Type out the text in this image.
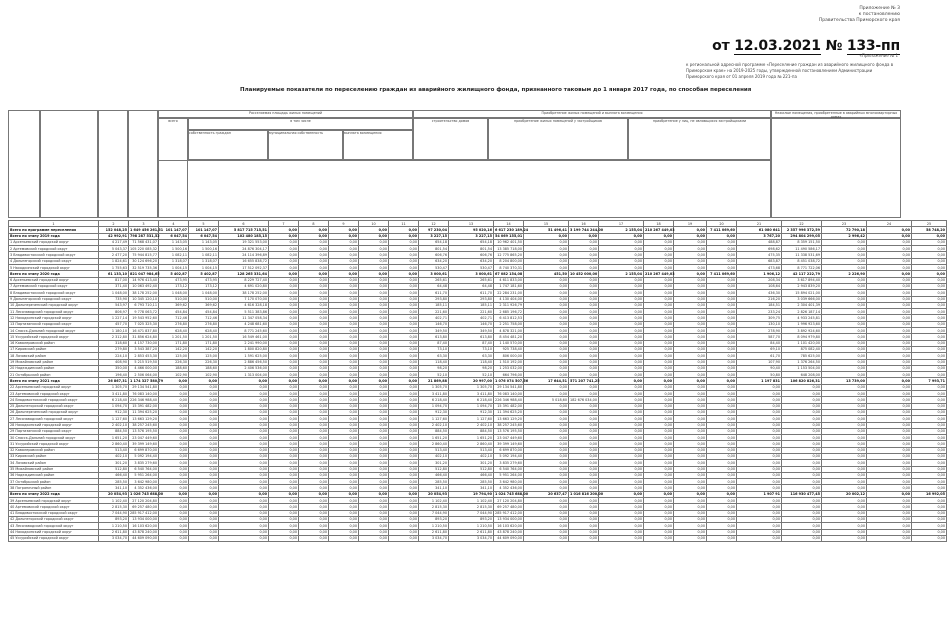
Приложение № 3
к постановлению
Правительства Приморского края
от 12.03.2021 № 133-пп
«Приложение № 1
к региональной адресной программе «Переселение граждан из аварийного жилищного фонда в Приморском крае» на 2019-2025 годы, утвержденной постановлением Администрации Приморского края от 01 апреля 2019 года № 221-па
Планируемые показатели по переселению граждан из аварийного жилищного фонда, признанного таковым до 1 января 2017 года, по способам переселения
Расселяемая площадь жилых помещений	Приобретение жилых помещений и выплата возмещения	Нежилые помещения, приобретенные в аварийных многоквартирных домах
всего	в том числе
собственность граждан	муниципальная собственность	выплата возмещения
строительство домов	приобретение жилых помещений у застройщиков	приобретение у лиц, не являющихся застройщиками
1	2	3	4	5	6	7	8	9	10	11	12	13	14	15	16	17	18	19	20	21	22	23	24	25
Всего по программе переселения	152 048,25	1 649 456 261,51	101 147,07	101 147,07	5 817 715 715,51	0,00	0,00	0,00	0,00	0,00	97 230,04	95 020,16	6 617 230 189,24	51 496,41	3 199 744 244,00	2 155,04	210 267 449,03	0,00	7 411 069,60	61 080 641	2 357 996 372,59	72 790,18	0,00	58 748,20
Всего по этапу 2019 года	42 992,91	798 287 531,52	6 047,54	6 047,54	102 480 185,15	0,00	0,00	0,00	0,00	0,00	3 227,15	3 227,15	54 069 155,01	0,00	0,00	0,00	0,00	0,00	0,00	3 767,20	294 804 299,05	2 996,42	0,00	0,00
1 Арсеньевский городской округ	4 217,49	71 568 431,07	1 143,05	1 143,05	19 321 553,00	0,00	0,00	0,00	0,00	0,00	654,18	654,18	10 962 401,50	0,00	0,00	0,00	0,00	0,00	0,00	488,87	8 359 151,50	0,00	0,00	0,00
2 Артемовский городской округ	5 043,37	105 220 085,32	1 500,16	1 500,16	24 876 304,17	0,00	0,00	0,00	0,00	0,00	801,54	801,54	13 385 718,00	0,00	0,00	0,00	0,00	0,00	0,00	698,62	11 490 586,17	0,00	0,00	0,00
3 Владивостокский городской округ	2 477,20	75 944 815,77	1 082,11	1 082,11	24 114 396,89	0,00	0,00	0,00	0,00	0,00	606,76	606,76	12 775 865,20	0,00	0,00	0,00	0,00	0,00	0,00	475,35	11 338 531,69	0,00	0,00	0,00
4 Дальнегорский городской округ	1 824,61	30 124 696,20	1 318,07	1 318,07	16 655 838,72	0,00	0,00	0,00	0,00	0,00	634,20	634,20	8 204 800,00	0,00	0,00	0,00	0,00	0,00	0,00	683,87	8 451 038,72	0,00	0,00	0,00
5 Находкинский городской округ	1 755,63	32 519 735,36	1 004,15	1 004,15	17 512 092,37	0,00	0,00	0,00	0,00	0,00	530,47	530,47	8 740 370,31	0,00	0,00	0,00	0,00	0,00	0,00	473,68	8 771 722,06	0,00	0,00	0,00
Всего по этапу 2020 года	61 133,10	821 047 984,65	5 402,87	5 402,87	128 265 331,64	0,00	0,00	0,00	0,00	0,00	3 000,61	3 000,61	67 082 154,08	451,50	10 452 000,00	2 155,04	210 267 449,03	0,00	7 411 069,60	1 906,12	42 117 222,79	2 226,90	0,00	0,00
6 Арсеньевский городской округ	817,00	14 976 413,40	473,95	473,95	8 229 727,40	0,00	0,00	0,00	0,00	0,00	265,61	265,61	4 611 833,00	0,00	0,00	0,00	0,00	0,00	0,00	208,34	3 617 894,40	0,00	0,00	0,00
7 Артемовский городской округ	371,40	10 063 492,40	173,12	173,12	4 691 020,80	0,00	0,00	0,00	0,00	0,00	64,48	64,48	1 747 181,60	0,00	0,00	0,00	0,00	0,00	0,00	108,64	2 943 839,20	0,00	0,00	0,00
8 Владивостокский городской округ	1 048,00	38 178 252,00	1 048,00	1 048,00	38 178 252,00	0,00	0,00	0,00	0,00	0,00	611,70	611,70	22 284 231,00	0,00	0,00	0,00	0,00	0,00	0,00	436,30	15 894 021,00	0,00	0,00	0,00
9 Дальнегорский городской округ	735,90	10 345 120,10	510,00	510,00	7 170 070,00	0,00	0,00	0,00	0,00	0,00	293,80	293,80	4 130 404,00	0,00	0,00	0,00	0,00	0,00	0,00	216,20	3 039 666,00	0,00	0,00	0,00
10 Дальнереченский городской округ	543,97	6 793 710,11	369,62	369,62	4 616 328,18	0,00	0,00	0,00	0,00	0,00	185,11	185,11	2 311 926,79	0,00	0,00	0,00	0,00	0,00	0,00	184,51	2 304 401,39	0,00	0,00	0,00
11 Лесозаводский городской округ	806,97	9 778 063,72	454,84	454,84	5 511 383,86	0,00	0,00	0,00	0,00	0,00	221,60	221,60	2 685 196,72	0,00	0,00	0,00	0,00	0,00	0,00	233,24	2 826 187,14	0,00	0,00	0,00
12 Находкинский городской округ	1 227,14	19 543 952,60	712,46	712,46	11 347 058,34	0,00	0,00	0,00	0,00	0,00	402,71	402,71	6 413 812,53	0,00	0,00	0,00	0,00	0,00	0,00	309,75	4 933 245,81	0,00	0,00	0,00
13 Партизанский городской округ	457,70	7 025 325,30	276,80	276,80	4 248 681,60	0,00	0,00	0,00	0,00	0,00	146,70	146,70	2 251 758,00	0,00	0,00	0,00	0,00	0,00	0,00	130,10	1 996 923,60	0,00	0,00	0,00
14 Спасск-Дальний городской округ	1 180,10	16 471 837,80	628,40	628,40	8 771 245,60	0,00	0,00	0,00	0,00	0,00	349,50	349,50	4 878 321,00	0,00	0,00	0,00	0,00	0,00	0,00	278,90	3 892 924,60	0,00	0,00	0,00
15 Уссурийский городской округ	2 312,80	31 856 624,80	1 201,50	1 201,50	16 549 461,00	0,00	0,00	0,00	0,00	0,00	613,80	613,80	8 454 481,20	0,00	0,00	0,00	0,00	0,00	0,00	587,70	8 094 979,80	0,00	0,00	0,00
16 Кавалеровский район	318,60	4 157 730,00	171,80	171,80	2 241 990,00	0,00	0,00	0,00	0,00	0,00	87,40	87,40	1 140 570,00	0,00	0,00	0,00	0,00	0,00	0,00	84,40	1 101 420,00	0,00	0,00	0,00
17 Кировский район	279,80	3 543 387,20	142,20	142,20	1 800 820,80	0,00	0,00	0,00	0,00	0,00	73,10	73,10	925 738,40	0,00	0,00	0,00	0,00	0,00	0,00	69,10	875 082,40	0,00	0,00	0,00
18 Лазовский район	224,10	2 853 453,30	125,00	125,00	1 591 625,00	0,00	0,00	0,00	0,00	0,00	63,30	63,30	806 000,00	0,00	0,00	0,00	0,00	0,00	0,00	61,70	785 625,00	0,00	0,00	0,00
19 Михайловский район	408,90	5 215 519,50	226,30	226,30	2 886 456,50	0,00	0,00	0,00	0,00	0,00	118,40	118,40	1 510 192,00	0,00	0,00	0,00	0,00	0,00	0,00	107,90	1 376 264,50	0,00	0,00	0,00
20 Надеждинский район	350,00	4 466 000,00	188,60	188,60	2 406 536,00	0,00	0,00	0,00	0,00	0,00	98,20	98,20	1 253 032,00	0,00	0,00	0,00	0,00	0,00	0,00	90,40	1 153 504,00	0,00	0,00	0,00
21 Октябрьский район	196,40	2 506 064,00	102,90	102,90	1 313 004,00	0,00	0,00	0,00	0,00	0,00	52,10	52,10	664 796,00	0,00	0,00	0,00	0,00	0,00	0,00	50,80	648 208,00	0,00	0,00	0,00
Всего по этапу 2021 года	26 867,31	1 174 327 580,79	0,00	0,00	0,00	0,00	0,00	0,00	0,00	0,00	21 869,88	20 997,00	1 076 074 507,56	17 644,51	571 207 741,25	0,00	0,00	0,00	0,00	1 197 831	106 820 826,31	13 739,00	0,00	7 993,71
22 Арсеньевский городской округ	1 305,70	29 134 541,80	0,00	0,00	0,00	0,00	0,00	0,00	0,00	0,00	1 305,70	1 305,70	29 134 541,80	0,00	0,00	0,00	0,00	0,00	0,00	0,00	0,00	0,00	0,00	0,00
23 Артемовский городской округ	3 411,80	76 083 140,00	0,00	0,00	0,00	0,00	0,00	0,00	0,00	0,00	3 411,80	3 411,80	76 083 140,00	0,00	0,00	0,00	0,00	0,00	0,00	0,00	0,00	0,00	0,00	0,00
24 Владивостокский городской округ	6 218,40	226 346 988,40	0,00	0,00	0,00	0,00	0,00	0,00	0,00	0,00	6 218,40	6 218,40	226 346 988,40	5 018,60	182 676 034,00	0,00	0,00	0,00	0,00	0,00	0,00	0,00	0,00	0,00
25 Дальнегорский городской округ	1 094,70	15 391 482,00	0,00	0,00	0,00	0,00	0,00	0,00	0,00	0,00	1 094,70	1 094,70	15 391 482,00	0,00	0,00	0,00	0,00	0,00	0,00	0,00	0,00	0,00	0,00	0,00
26 Дальнереченский городской округ	912,30	11 394 625,20	0,00	0,00	0,00	0,00	0,00	0,00	0,00	0,00	912,30	912,30	11 394 625,20	0,00	0,00	0,00	0,00	0,00	0,00	0,00	0,00	0,00	0,00	0,00
27 Лесозаводский городской округ	1 127,60	13 663 129,20	0,00	0,00	0,00	0,00	0,00	0,00	0,00	0,00	1 127,60	1 127,60	13 663 129,20	0,00	0,00	0,00	0,00	0,00	0,00	0,00	0,00	0,00	0,00	0,00
28 Находкинский городской округ	2 402,10	38 257 245,60	0,00	0,00	0,00	0,00	0,00	0,00	0,00	0,00	2 402,10	2 402,10	38 257 245,60	0,00	0,00	0,00	0,00	0,00	0,00	0,00	0,00	0,00	0,00	0,00
29 Партизанский городской округ	884,50	13 576 195,50	0,00	0,00	0,00	0,00	0,00	0,00	0,00	0,00	884,50	884,50	13 576 195,50	0,00	0,00	0,00	0,00	0,00	0,00	0,00	0,00	0,00	0,00	0,00
30 Спасск-Дальний городской округ	1 651,20	23 047 449,60	0,00	0,00	0,00	0,00	0,00	0,00	0,00	0,00	1 651,20	1 651,20	23 047 449,60	0,00	0,00	0,00	0,00	0,00	0,00	0,00	0,00	0,00	0,00	0,00
31 Уссурийский городской округ	2 860,40	39 399 149,60	0,00	0,00	0,00	0,00	0,00	0,00	0,00	0,00	2 860,40	2 860,40	39 399 149,60	0,00	0,00	0,00	0,00	0,00	0,00	0,00	0,00	0,00	0,00	0,00
32 Кавалеровский район	513,40	6 699 870,00	0,00	0,00	0,00	0,00	0,00	0,00	0,00	0,00	513,40	513,40	6 699 870,00	0,00	0,00	0,00	0,00	0,00	0,00	0,00	0,00	0,00	0,00	0,00
33 Кировский район	402,10	5 092 194,40	0,00	0,00	0,00	0,00	0,00	0,00	0,00	0,00	402,10	402,10	5 092 194,40	0,00	0,00	0,00	0,00	0,00	0,00	0,00	0,00	0,00	0,00	0,00
34 Лазовский район	301,20	3 835 279,60	0,00	0,00	0,00	0,00	0,00	0,00	0,00	0,00	301,20	301,20	3 835 279,60	0,00	0,00	0,00	0,00	0,00	0,00	0,00	0,00	0,00	0,00	0,00
35 Михайловский район	512,80	6 540 764,00	0,00	0,00	0,00	0,00	0,00	0,00	0,00	0,00	512,80	512,80	6 540 764,00	0,00	0,00	0,00	0,00	0,00	0,00	0,00	0,00	0,00	0,00	0,00
36 Надеждинский район	466,40	5 951 264,00	0,00	0,00	0,00	0,00	0,00	0,00	0,00	0,00	466,40	466,40	5 951 264,00	0,00	0,00	0,00	0,00	0,00	0,00	0,00	0,00	0,00	0,00	0,00
37 Октябрьский район	285,50	3 642 980,00	0,00	0,00	0,00	0,00	0,00	0,00	0,00	0,00	285,50	285,50	3 642 980,00	0,00	0,00	0,00	0,00	0,00	0,00	0,00	0,00	0,00	0,00	0,00
38 Пограничный район	341,10	4 352 436,00	0,00	0,00	0,00	0,00	0,00	0,00	0,00	0,00	341,10	341,10	4 352 436,00	0,00	0,00	0,00	0,00	0,00	0,00	0,00	0,00	0,00	0,00	0,00
Всего по этапу 2022 года	20 054,93	1 026 745 688,00	0,00	0,00	0,00	0,00	0,00	0,00	0,00	0,00	20 054,93	19 794,90	1 024 745 688,00	20 637,47	1 016 816 200,00	0,00	0,00	0,00	0,00	1 907 91	116 930 477,45	20 002,12	0,00	16 992,05
39 Арсеньевский городской округ	1 102,40	27 120 204,80	0,00	0,00	0,00	0,00	0,00	0,00	0,00	0,00	1 102,40	1 102,40	27 120 204,80	0,00	0,00	0,00	0,00	0,00	0,00	0,00	0,00	0,00	0,00	0,00
40 Артемовский городской округ	2 815,30	69 257 480,00	0,00	0,00	0,00	0,00	0,00	0,00	0,00	0,00	2 815,30	2 815,30	69 257 480,00	0,00	0,00	0,00	0,00	0,00	0,00	0,00	0,00	0,00	0,00	0,00
41 Владивостокский городской округ	7 044,90	285 917 412,00	0,00	0,00	0,00	0,00	0,00	0,00	0,00	0,00	7 044,90	7 044,90	285 917 412,00	0,00	0,00	0,00	0,00	0,00	0,00	0,00	0,00	0,00	0,00	0,00
42 Дальнегорский городской округ	893,20	13 934 000,00	0,00	0,00	0,00	0,00	0,00	0,00	0,00	0,00	893,20	893,20	13 934 000,00	0,00	0,00	0,00	0,00	0,00	0,00	0,00	0,00	0,00	0,00	0,00
43 Лесозаводский городской округ	1 210,50	16 103 620,00	0,00	0,00	0,00	0,00	0,00	0,00	0,00	0,00	1 210,50	1 210,50	16 103 620,00	0,00	0,00	0,00	0,00	0,00	0,00	0,00	0,00	0,00	0,00	0,00
44 Находкинский городской округ	2 611,80	43 878 240,00	0,00	0,00	0,00	0,00	0,00	0,00	0,00	0,00	2 611,80	2 611,80	43 878 240,00	0,00	0,00	0,00	0,00	0,00	0,00	0,00	0,00	0,00	0,00	0,00
45 Уссурийский городской округ	3 034,70	44 609 090,00	0,00	0,00	0,00	0,00	0,00	0,00	0,00	0,00	3 034,70	3 034,70	44 609 090,00	0,00	0,00	0,00	0,00	0,00	0,00	0,00	0,00	0,00	0,00	0,00
